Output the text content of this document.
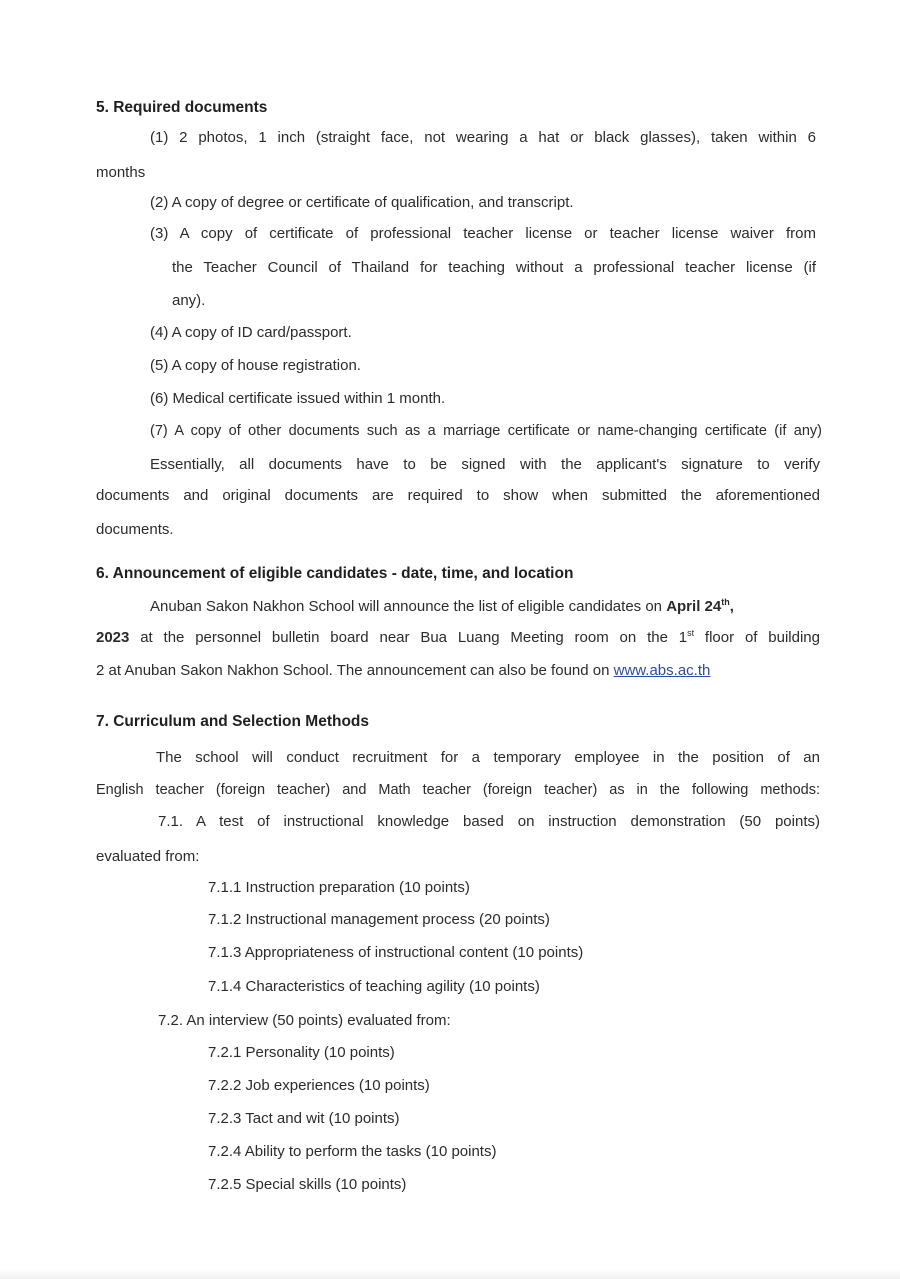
5. Required documents
(1) 2 photos, 1 inch (straight face, not wearing a hat or black glasses), taken within 6
months
(2) A copy of degree or certificate of qualification, and transcript.
(3) A copy of certificate of professional teacher license or teacher license waiver from
the Teacher Council of Thailand for teaching without a professional teacher license (if
any).
(4) A copy of ID card/passport.
(5) A copy of house registration.
(6) Medical certificate issued within 1 month.
(7) A copy of other documents such as a marriage certificate or name-changing certificate (if any)
Essentially, all documents have to be signed with the applicant's signature to verify
documents and original documents are required to show when submitted the aforementioned
documents.
6. Announcement of eligible candidates - date, time, and location
Anuban Sakon Nakhon School will announce the list of eligible candidates on April 24th,
2023 at the personnel bulletin board near Bua Luang Meeting room on the 1st floor of building
2 at Anuban Sakon Nakhon School. The announcement can also be found on www.abs.ac.th
7. Curriculum and Selection Methods
The school will conduct recruitment for a temporary employee in the position of an
English teacher (foreign teacher) and Math teacher (foreign teacher) as in the following methods:
7.1. A test of instructional knowledge based on instruction demonstration (50 points)
evaluated from:
7.1.1 Instruction preparation (10 points)
7.1.2 Instructional management process (20 points)
7.1.3 Appropriateness of instructional content (10 points)
7.1.4 Characteristics of teaching agility (10 points)
7.2. An interview (50 points) evaluated from:
7.2.1 Personality (10 points)
7.2.2 Job experiences (10 points)
7.2.3 Tact and wit (10 points)
7.2.4 Ability to perform the tasks (10 points)
7.2.5 Special skills (10 points)
